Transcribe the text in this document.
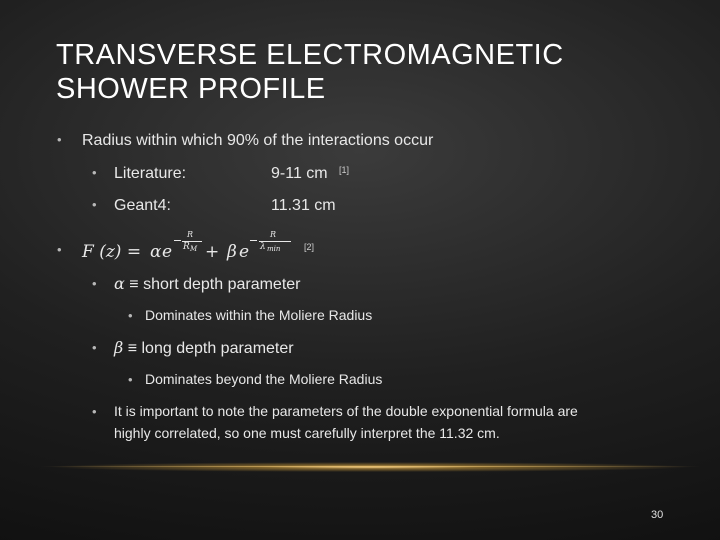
TRANSVERSE ELECTROMAGNETIC
SHOWER PROFILE
• Radius within which 90% of the interactions occur
• Literature:	9-11 cm [1]
• Geant4:	11.31 cm
• F (z) = α e
R
R M + β e
R
λ min	[2]
• α ≡ short depth parameter
• Dominates within the Moliere Radius
• β ≡ long depth parameter
• Dominates beyond the Moliere Radius
• It is important to note the parameters of the double exponential formula are
highly correlated, so one must carefully interpret the 11.32 cm.
30
